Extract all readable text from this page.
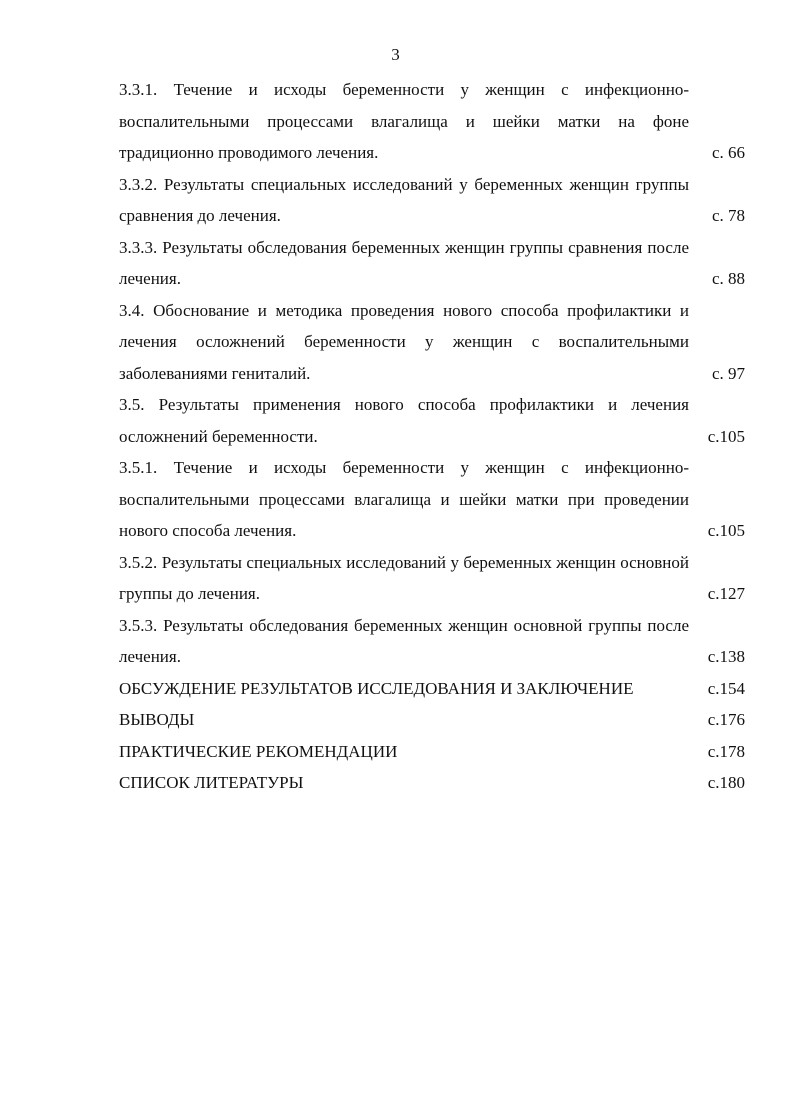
3
3.3.1. Течение и исходы беременности у женщин с инфекционно-воспалительными процессами влагалища и шейки матки на фоне традиционно проводимого лечения.	с. 66
3.3.2. Результаты специальных исследований у беременных женщин группы сравнения до лечения.	с. 78
3.3.3. Результаты обследования беременных женщин группы сравнения после лечения.	с. 88
3.4. Обоснование и методика проведения нового способа профилактики и лечения осложнений беременности у женщин с воспалительными заболеваниями гениталий.	с. 97
3.5. Результаты применения нового способа профилактики и лечения осложнений беременности.	с.105
3.5.1. Течение и исходы беременности у женщин с инфекционно-воспалительными процессами влагалища и шейки матки при проведении нового способа лечения.	с.105
3.5.2. Результаты специальных исследований у беременных женщин основной группы до лечения.	с.127
3.5.3. Результаты обследования беременных женщин основной группы после лечения.	с.138
ОБСУЖДЕНИЕ РЕЗУЛЬТАТОВ ИССЛЕДОВАНИЯ И ЗАКЛЮЧЕНИЕ	с.154
ВЫВОДЫ	с.176
ПРАКТИЧЕСКИЕ РЕКОМЕНДАЦИИ	с.178
СПИСОК ЛИТЕРАТУРЫ	с.180
